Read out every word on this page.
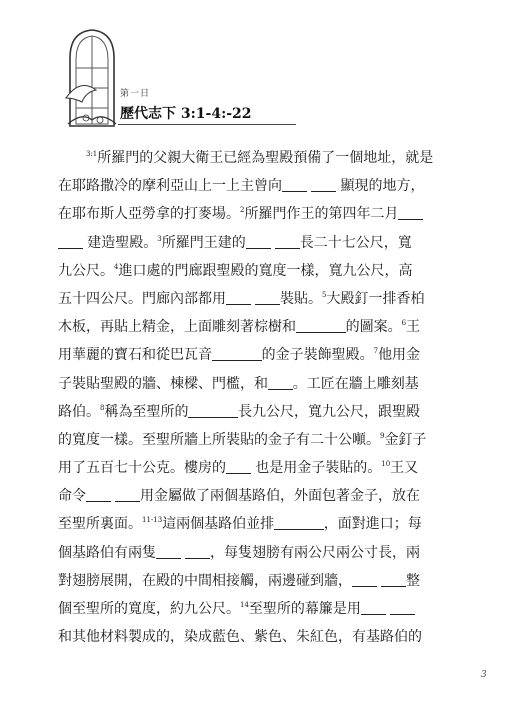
第一日
歷代志下 3:1-4:-22
$^{3:1}$所羅門的父親大衛王已經為聖殿預備了一個地址，就是
在耶路撒冷的摩利亞山上一上主曾向	顯現的地方，
在耶布斯人亞勞拿的打麥場。$^2$所羅門作王的第四年二月
建造聖殿。$^3$所羅門王建的	長二十七公尺，寬
九公尺。$^4$進口處的門廊跟聖殿的寬度一樣，寬九公尺，高
五十四公尺。門廊內部都用	裝貼。$^5$大殿釘一排香柏
木板，再貼上精金，上面雕刻著棕樹和	的圖案。$^6$王
用華麗的寶石和從巴瓦音	的金子裝飾聖殿。$^7$他用金
子裝貼聖殿的牆、棟樑、門檻，和 。工匠在牆上雕刻基
路伯。$^8$稱為至聖所的	長九公尺，寬九公尺，跟聖殿
的寬度一樣。至聖所牆上所裝貼的金子有二十公噸。$^9$金釘子
用了五百七十公克。樓房的 也是用金子裝貼的。$^{10}$王又
命令	用金屬做了兩個基路伯，外面包著金子，放在
至聖所裏面。$^{11-13}$這兩個基路伯並排	，面對進口；每
個基路伯有兩隻	，每隻翅膀有兩公尺兩公寸長，兩
對翅膀展開，在殿的中間相接觸，兩邊碰到牆，	整
個至聖所的寬度，約九公尺。$^{14}$至聖所的幕簾是用
和其他材料製成的，染成藍色、紫色、朱紅色，有基路伯的
3
